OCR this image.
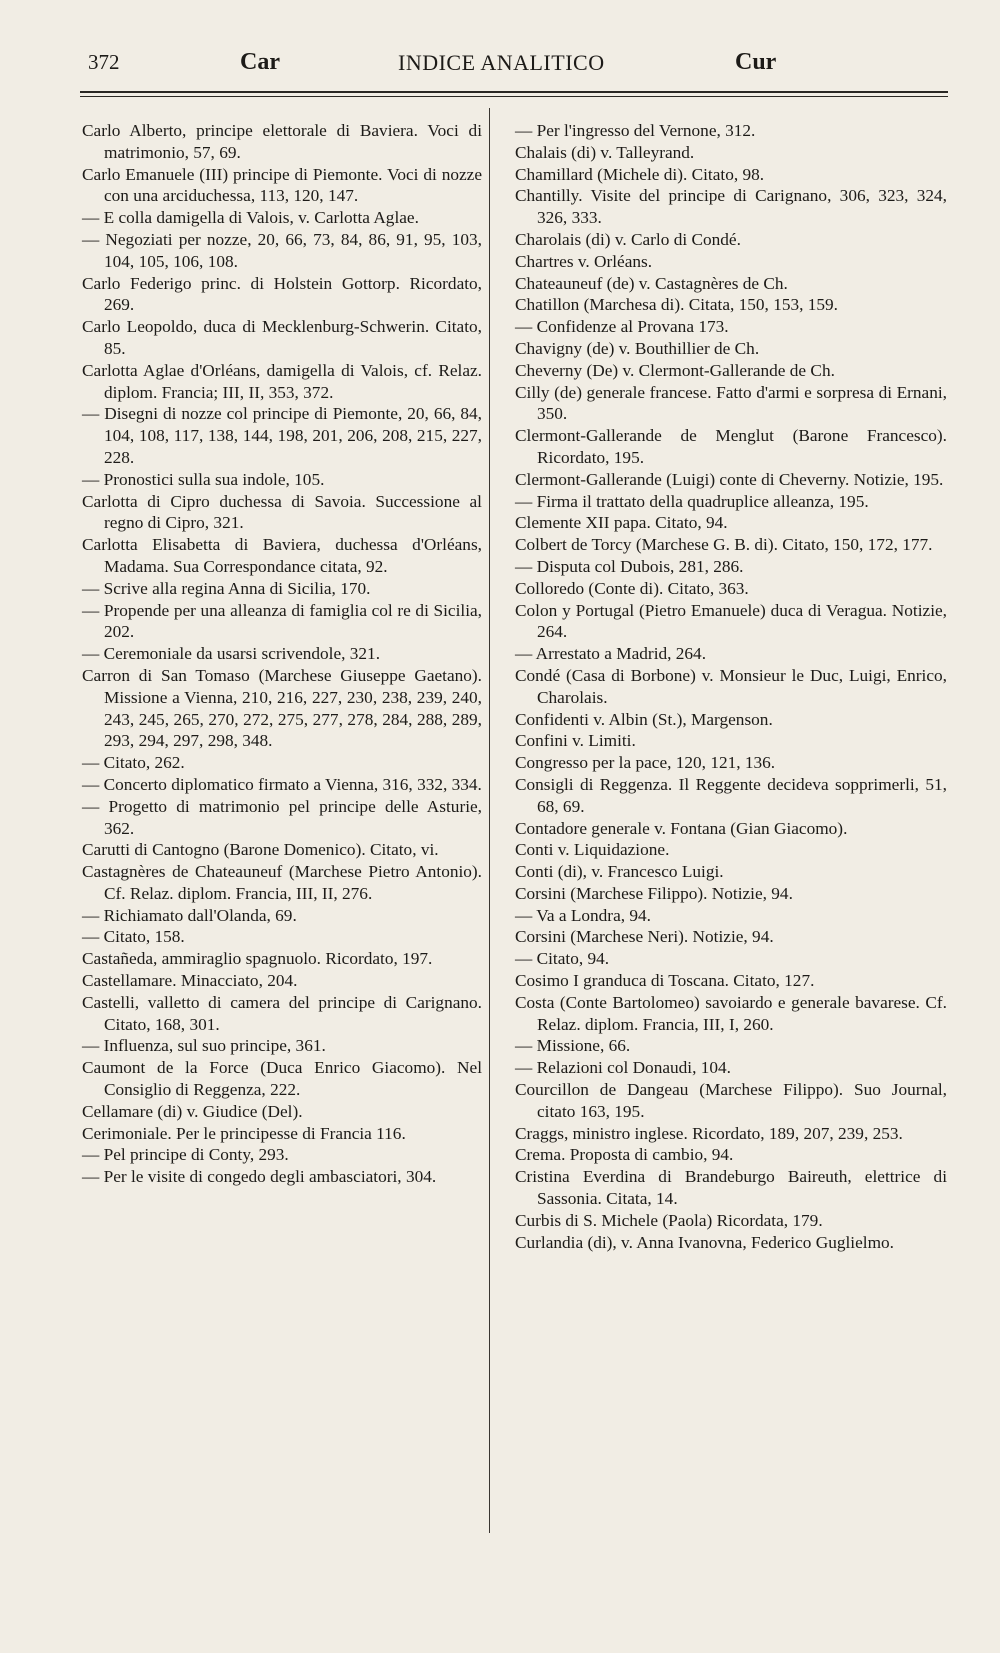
372	Car	INDICE ANALITICO	Cur

Carlo Alberto, principe elettorale di Baviera. Voci di matrimonio, 57, 69.

Carlo Emanuele (III) principe di Piemonte. Voci di nozze con una arciduchessa, 113, 120, 147.

— E colla damigella di Valois, v. Carlotta Aglae.

— Negoziati per nozze, 20, 66, 73, 84, 86, 91, 95, 103, 104, 105, 106, 108.

Carlo Federigo princ. di Holstein Gottorp. Ricordato, 269.

Carlo Leopoldo, duca di Mecklenburg-Schwerin. Citato, 85.

Carlotta Aglae d'Orléans, damigella di Valois, cf. Relaz. diplom. Francia; III, II, 353, 372.

— Disegni di nozze col principe di Piemonte, 20, 66, 84, 104, 108, 117, 138, 144, 198, 201, 206, 208, 215, 227, 228.

— Pronostici sulla sua indole, 105.

Carlotta di Cipro duchessa di Savoia. Successione al regno di Cipro, 321.

Carlotta Elisabetta di Baviera, duchessa d'Orléans, Madama. Sua Correspondance citata, 92.

— Scrive alla regina Anna di Sicilia, 170.

— Propende per una alleanza di famiglia col re di Sicilia, 202.

— Ceremoniale da usarsi scrivendole, 321.

Carron di San Tomaso (Marchese Giuseppe Gaetano). Missione a Vienna, 210, 216, 227, 230, 238, 239, 240, 243, 245, 265, 270, 272, 275, 277, 278, 284, 288, 289, 293, 294, 297, 298, 348.

— Citato, 262.

— Concerto diplomatico firmato a Vienna, 316, 332, 334.

— Progetto di matrimonio pel principe delle Asturie, 362.

Carutti di Cantogno (Barone Domenico). Citato, vi.

Castagnères de Chateauneuf (Marchese Pietro Antonio). Cf. Relaz. diplom. Francia, III, II, 276.

— Richiamato dall'Olanda, 69.

— Citato, 158.

Castañeda, ammiraglio spagnuolo. Ricordato, 197.

Castellamare. Minacciato, 204.

Castelli, valletto di camera del principe di Carignano. Citato, 168, 301.

— Influenza, sul suo principe, 361.

Caumont de la Force (Duca Enrico Giacomo). Nel Consiglio di Reggenza, 222.

Cellamare (di) v. Giudice (Del).

Cerimoniale. Per le principesse di Francia 116.

— Pel principe di Conty, 293.

— Per le visite di congedo degli ambasciatori, 304.

— Per l'ingresso del Vernone, 312.

Chalais (di) v. Talleyrand.

Chamillard (Michele di). Citato, 98.

Chantilly. Visite del principe di Carignano, 306, 323, 324, 326, 333.

Charolais (di) v. Carlo di Condé.

Chartres v. Orléans.

Chateauneuf (de) v. Castagnères de Ch.

Chatillon (Marchesa di). Citata, 150, 153, 159.

— Confidenze al Provana 173.

Chavigny (de) v. Bouthillier de Ch.

Cheverny (De) v. Clermont-Gallerande de Ch.

Cilly (de) generale francese. Fatto d'armi e sorpresa di Ernani, 350.

Clermont-Gallerande de Menglut (Barone Francesco). Ricordato, 195.

Clermont-Gallerande (Luigi) conte di Cheverny. Notizie, 195.

— Firma il trattato della quadruplice alleanza, 195.

Clemente XII papa. Citato, 94.

Colbert de Torcy (Marchese G. B. di). Citato, 150, 172, 177.

— Disputa col Dubois, 281, 286.

Colloredo (Conte di). Citato, 363.

Colon y Portugal (Pietro Emanuele) duca di Veragua. Notizie, 264.

— Arrestato a Madrid, 264.

Condé (Casa di Borbone) v. Monsieur le Duc, Luigi, Enrico, Charolais.

Confidenti v. Albin (St.), Margenson.

Confini v. Limiti.

Congresso per la pace, 120, 121, 136.

Consigli di Reggenza. Il Reggente decideva sopprimerli, 51, 68, 69.

Contadore generale v. Fontana (Gian Giacomo).

Conti v. Liquidazione.

Conti (di), v. Francesco Luigi.

Corsini (Marchese Filippo). Notizie, 94.

— Va a Londra, 94.

Corsini (Marchese Neri). Notizie, 94.

— Citato, 94.

Cosimo I granduca di Toscana. Citato, 127.

Costa (Conte Bartolomeo) savoiardo e generale bavarese. Cf. Relaz. diplom. Francia, III, I, 260.

— Missione, 66.

— Relazioni col Donaudi, 104.

Courcillon de Dangeau (Marchese Filippo). Suo Journal, citato 163, 195.

Craggs, ministro inglese. Ricordato, 189, 207, 239, 253.

Crema. Proposta di cambio, 94.

Cristina Everdina di Brandeburgo Baireuth, elettrice di Sassonia. Citata, 14.

Curbis di S. Michele (Paola) Ricordata, 179.

Curlandia (di), v. Anna Ivanovna, Federico Guglielmo.
